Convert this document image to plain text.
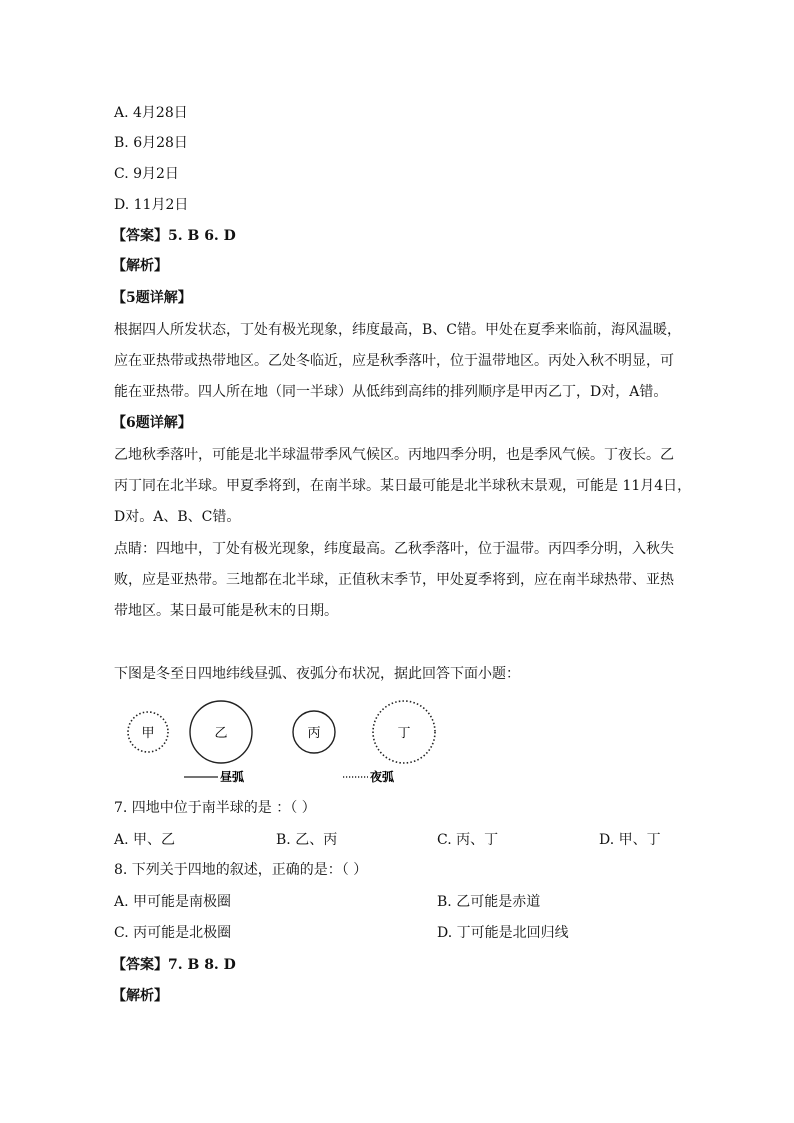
A. 4月28日
B. 6月28日
C. 9月2日
D. 11月2日
【答案】5. B 6. D
【解析】
【5题详解】
根据四人所发状态，丁处有极光现象，纬度最高，B、C错。甲处在夏季来临前，海风温暖，
应在亚热带或热带地区。乙处冬临近，应是秋季落叶，位于温带地区。丙处入秋不明显，可
能在亚热带。四人所在地（同一半球）从低纬到高纬的排列顺序是甲丙乙丁，D对，A错。
【6题详解】
乙地秋季落叶，可能是北半球温带季风气候区。丙地四季分明，也是季风气候。丁夜长。乙
丙丁同在北半球。甲夏季将到，在南半球。某日最可能是北半球秋末景观，可能是 11月4日，
D对。A、B、C错。
点睛：四地中，丁处有极光现象，纬度最高。乙秋季落叶，位于温带。丙四季分明，入秋失
败，应是亚热带。三地都在北半球，正值秋末季节，甲处夏季将到，应在南半球热带、亚热
带地区。某日最可能是秋末的日期。
下图是冬至日四地纬线昼弧、夜弧分布状况，据此回答下面小题：
甲	乙	丙	丁
昼弧	夜弧
7. 四地中位于南半球的是 ：（ ）
A. 甲、乙	B. 乙、丙	C. 丙、丁	D. 甲、丁
8. 下列关于四地的叙述，正确的是：（ ）
A. 甲可能是南极圈	B. 乙可能是赤道
C. 丙可能是北极圈	D. 丁可能是北回归线
【答案】7. B 8. D
【解析】
